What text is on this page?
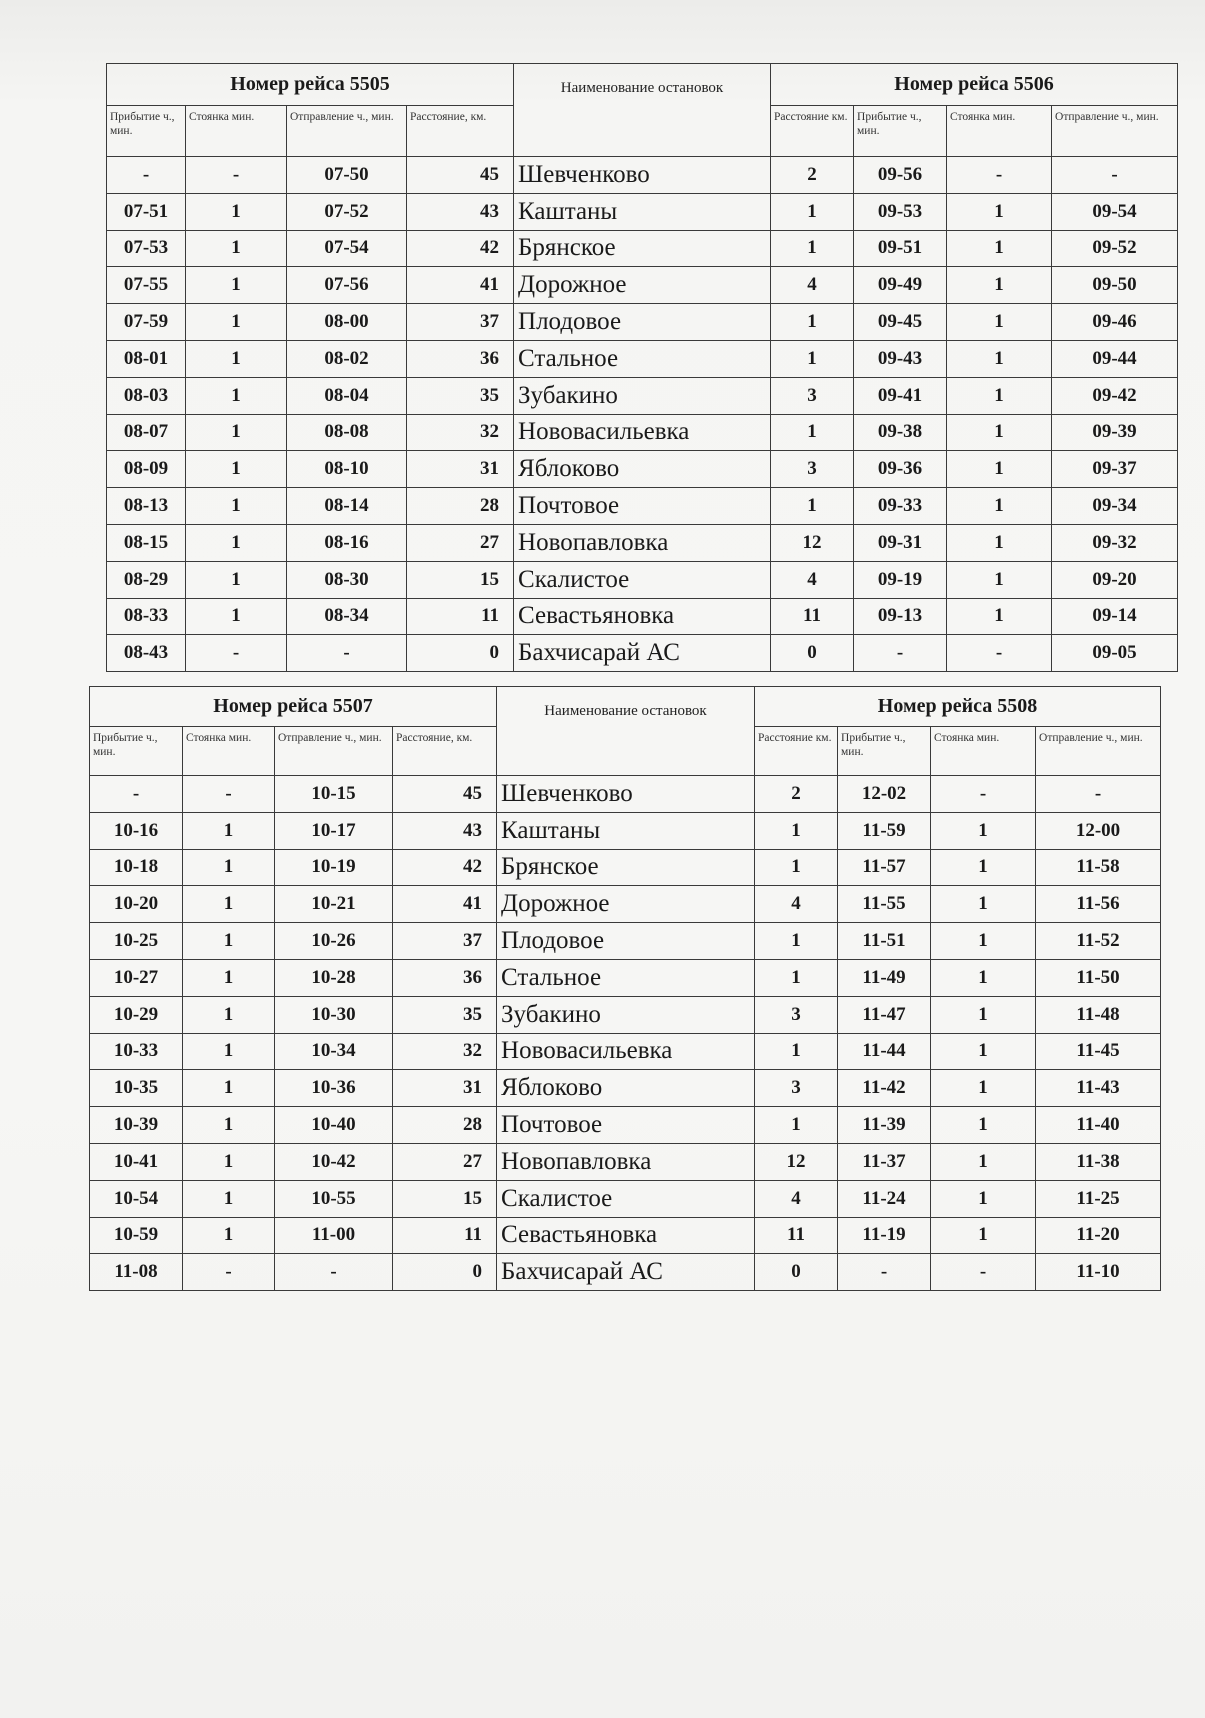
Номер рейса 5505				Наименование остановок	Номер рейса 5506			
Прибытие ч., мин.	Стоянка мин.	Отправление ч., мин.	Расстояние, км.		Расстояние км.	Прибытие ч., мин.	Стоянка мин.	Отправление ч., мин.
-	-	07-50	45	Шевченково	2	09-56	-	-
07-51	1	07-52	43	Каштаны	1	09-53	1	09-54
07-53	1	07-54	42	Брянское	1	09-51	1	09-52
07-55	1	07-56	41	Дорожное	4	09-49	1	09-50
07-59	1	08-00	37	Плодовое	1	09-45	1	09-46
08-01	1	08-02	36	Стальное	1	09-43	1	09-44
08-03	1	08-04	35	Зубакино	3	09-41	1	09-42
08-07	1	08-08	32	Нововасильевка	1	09-38	1	09-39
08-09	1	08-10	31	Яблоково	3	09-36	1	09-37
08-13	1	08-14	28	Почтовое	1	09-33	1	09-34
08-15	1	08-16	27	Новопавловка	12	09-31	1	09-32
08-29	1	08-30	15	Скалистое	4	09-19	1	09-20
08-33	1	08-34	11	Севастьяновка	11	09-13	1	09-14
08-43	-	-	0	Бахчисарай АС	0	-	-	09-05
Номер рейса 5507				Наименование остановок	Номер рейса 5508			
Прибытие ч., мин.	Стоянка мин.	Отправление ч., мин.	Расстояние, км.		Расстояние км.	Прибытие ч., мин.	Стоянка мин.	Отправление ч., мин.
-	-	10-15	45	Шевченково	2	12-02	-	-
10-16	1	10-17	43	Каштаны	1	11-59	1	12-00
10-18	1	10-19	42	Брянское	1	11-57	1	11-58
10-20	1	10-21	41	Дорожное	4	11-55	1	11-56
10-25	1	10-26	37	Плодовое	1	11-51	1	11-52
10-27	1	10-28	36	Стальное	1	11-49	1	11-50
10-29	1	10-30	35	Зубакино	3	11-47	1	11-48
10-33	1	10-34	32	Нововасильевка	1	11-44	1	11-45
10-35	1	10-36	31	Яблоково	3	11-42	1	11-43
10-39	1	10-40	28	Почтовое	1	11-39	1	11-40
10-41	1	10-42	27	Новопавловка	12	11-37	1	11-38
10-54	1	10-55	15	Скалистое	4	11-24	1	11-25
10-59	1	11-00	11	Севастьяновка	11	11-19	1	11-20
11-08	-	-	0	Бахчисарай АС	0	-	-	11-10
